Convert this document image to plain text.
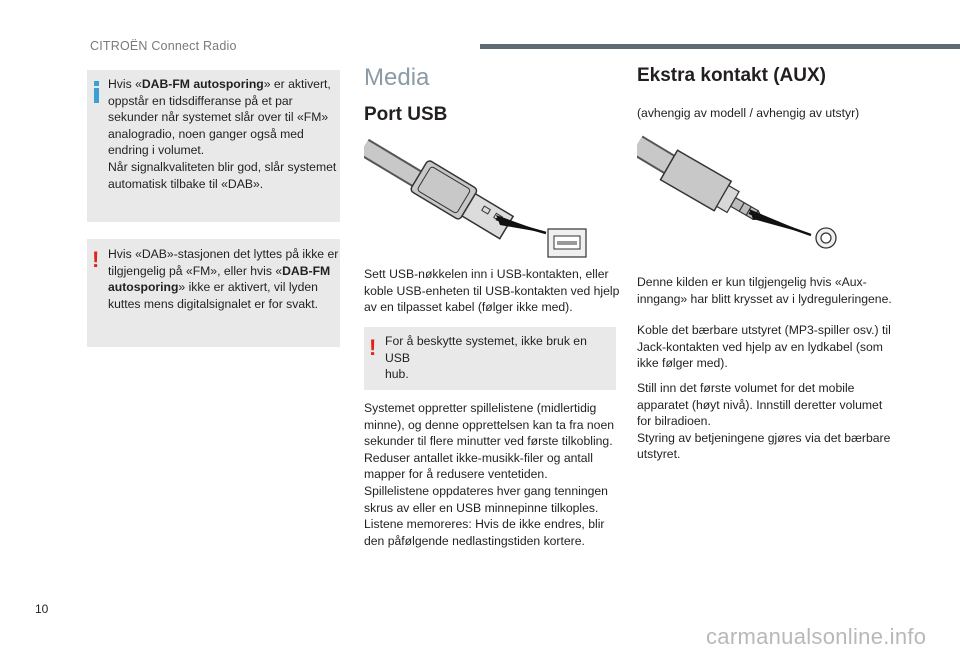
CITROËN Connect Radio

Hvis «DAB-FM autosporing» er aktivert,

oppstår en tidsdifferanse på et par

sekunder når systemet slår over til «FM»

analogradio, noen ganger også med

endring i volumet.

Når signalkvaliteten blir god, slår systemet

automatisk tilbake til «DAB».

! Hvis «DAB»-stasjonen det lyttes på ikke er

tilgjengelig på «FM», eller hvis «DAB-FM

autosporing» ikke er aktivert, vil lyden

kuttes mens digitalsignalet er for svakt.

Media
Port USB
Sett USB-nøkkelen inn i USB-kontakten, eller
koble USB-enheten til USB-kontakten ved hjelp
av en tilpasset kabel (følger ikke med).
! For å beskytte systemet, ikke bruk en USB

hub.

Systemet oppretter spillelistene (midlertidig
minne), og denne opprettelsen kan ta fra noen
sekunder til flere minutter ved første tilkobling.
Reduser antallet ikke-musikk-filer og antall
mapper for å redusere ventetiden.
Spillelistene oppdateres hver gang tenningen
skrus av eller en USB minnepinne tilkoples.
Listene memoreres: Hvis de ikke endres, blir
den påfølgende nedlastingstiden kortere.
Ekstra kontakt (AUX)
(avhengig av modell / avhengig av utstyr)
Denne kilden er kun tilgjengelig hvis «Aux-
inngang» har blitt krysset av i lydreguleringene.
Koble det bærbare utstyret (MP3-spiller osv.) til
Jack-kontakten ved hjelp av en lydkabel (som
ikke følger med).
Still inn det første volumet for det mobile
apparatet (høyt nivå). Innstill deretter volumet
for bilradioen.
Styring av betjeningene gjøres via det bærbare
utstyret.
10
carmanualsonline.info
